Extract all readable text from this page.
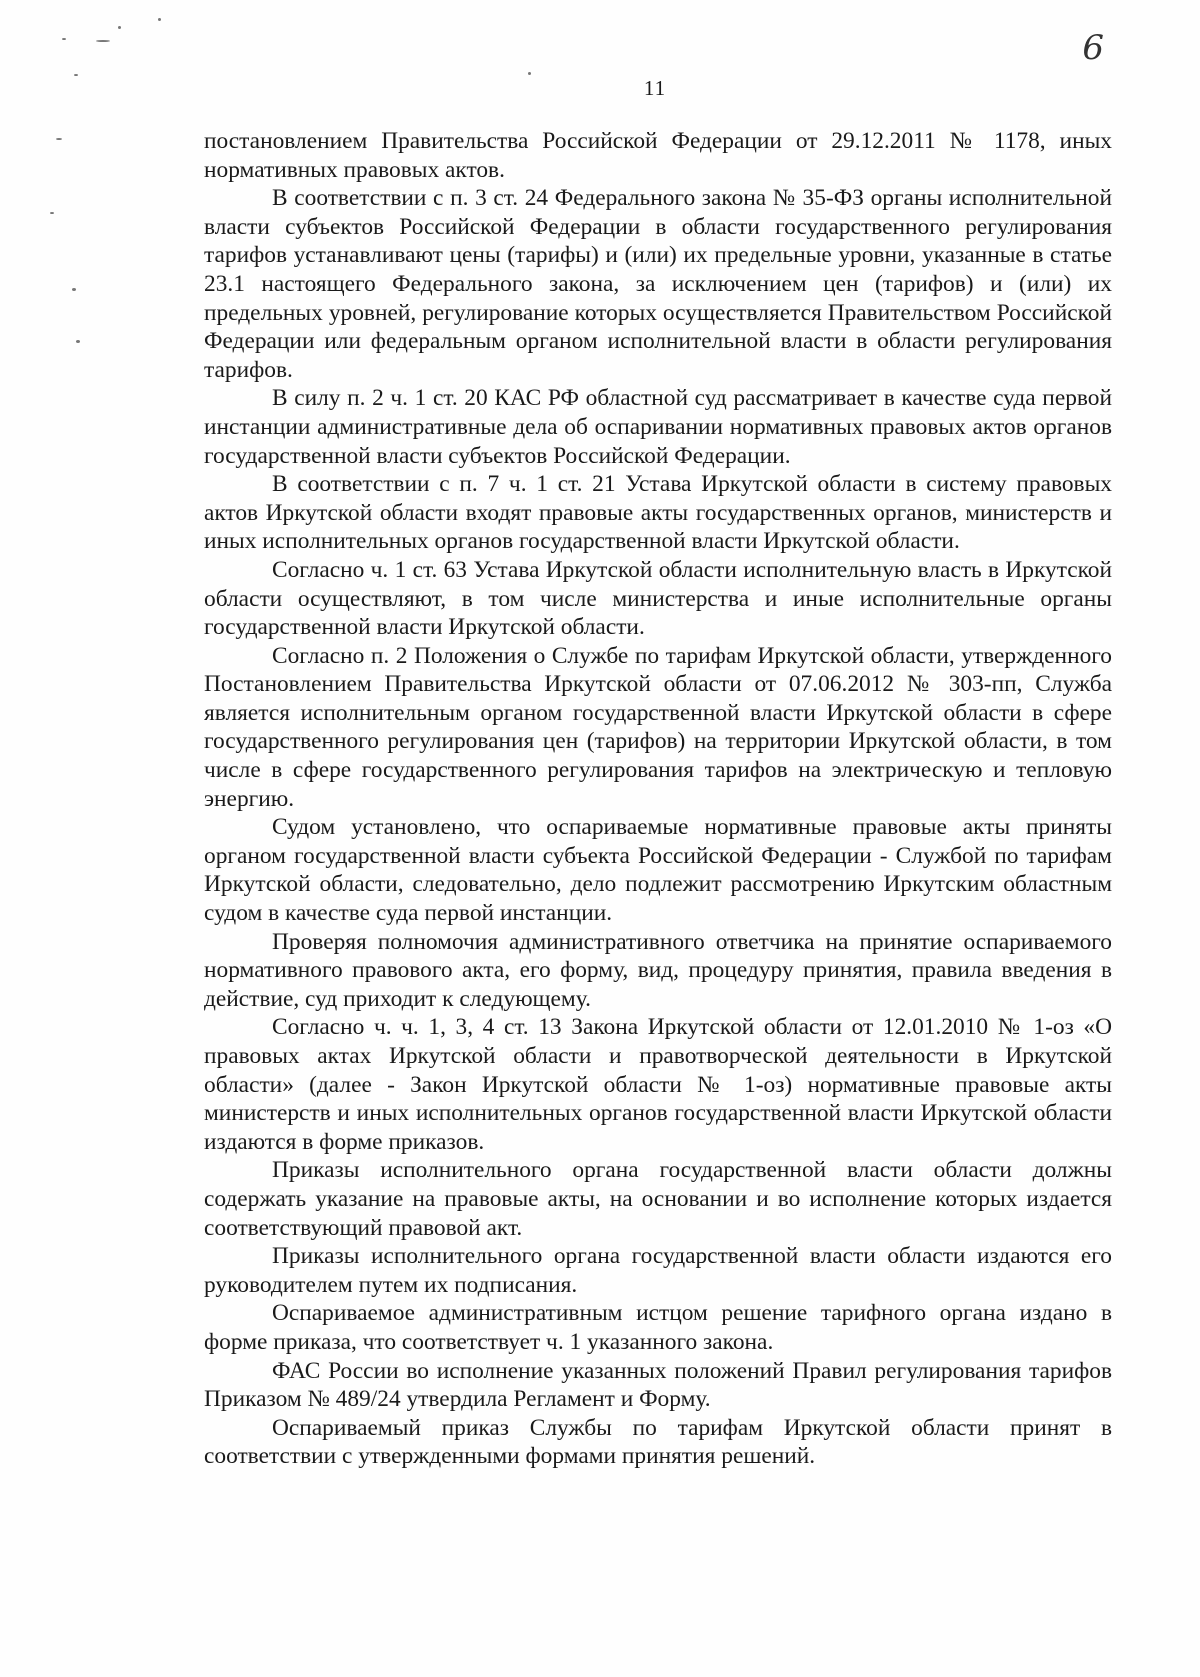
6
11

постановлением Правительства Российской Федерации от 29.12.2011 № 1178, иных нормативных правовых актов.

В соответствии с п. 3 ст. 24 Федерального закона № 35-ФЗ органы исполнительной власти субъектов Российской Федерации в области государственного регулирования тарифов устанавливают цены (тарифы) и (или) их предельные уровни, указанные в статье 23.1 настоящего Федерального закона, за исключением цен (тарифов) и (или) их предельных уровней, регулирование которых осуществляется Правительством Российской Федерации или федеральным органом исполнительной власти в области регулирования тарифов.

В силу п. 2 ч. 1 ст. 20 КАС РФ областной суд рассматривает в качестве суда первой инстанции административные дела об оспаривании нормативных правовых актов органов государственной власти субъектов Российской Федерации.

В соответствии с п. 7 ч. 1 ст. 21 Устава Иркутской области в систему правовых актов Иркутской области входят правовые акты государственных органов, министерств и иных исполнительных органов государственной власти Иркутской области.

Согласно ч. 1 ст. 63 Устава Иркутской области исполнительную власть в Иркутской области осуществляют, в том числе министерства и иные исполнительные органы государственной власти Иркутской области.

Согласно п. 2 Положения о Службе по тарифам Иркутской области, утвержденного Постановлением Правительства Иркутской области от 07.06.2012 № 303-пп, Служба является исполнительным органом государственной власти Иркутской области в сфере государственного регулирования цен (тарифов) на территории Иркутской области, в том числе в сфере государственного регулирования тарифов на электрическую и тепловую энергию.

Судом установлено, что оспариваемые нормативные правовые акты приняты органом государственной власти субъекта Российской Федерации - Службой по тарифам Иркутской области, следовательно, дело подлежит рассмотрению Иркутским областным судом в качестве суда первой инстанции.

Проверяя полномочия административного ответчика на принятие оспариваемого нормативного правового акта, его форму, вид, процедуру принятия, правила введения в действие, суд приходит к следующему.

Согласно ч. ч. 1, 3, 4 ст. 13 Закона Иркутской области от 12.01.2010 № 1-оз «О правовых актах Иркутской области и правотворческой деятельности в Иркутской области» (далее - Закон Иркутской области № 1-оз) нормативные правовые акты министерств и иных исполнительных органов государственной власти Иркутской области издаются в форме приказов.

Приказы исполнительного органа государственной власти области должны содержать указание на правовые акты, на основании и во исполнение которых издается соответствующий правовой акт.

Приказы исполнительного органа государственной власти области издаются его руководителем путем их подписания.

Оспариваемое административным истцом решение тарифного органа издано в форме приказа, что соответствует ч. 1 указанного закона.

ФАС России во исполнение указанных положений Правил регулирования тарифов Приказом № 489/24 утвердила Регламент и Форму.

Оспариваемый приказ Службы по тарифам Иркутской области принят в соответствии с утвержденными формами принятия решений.
